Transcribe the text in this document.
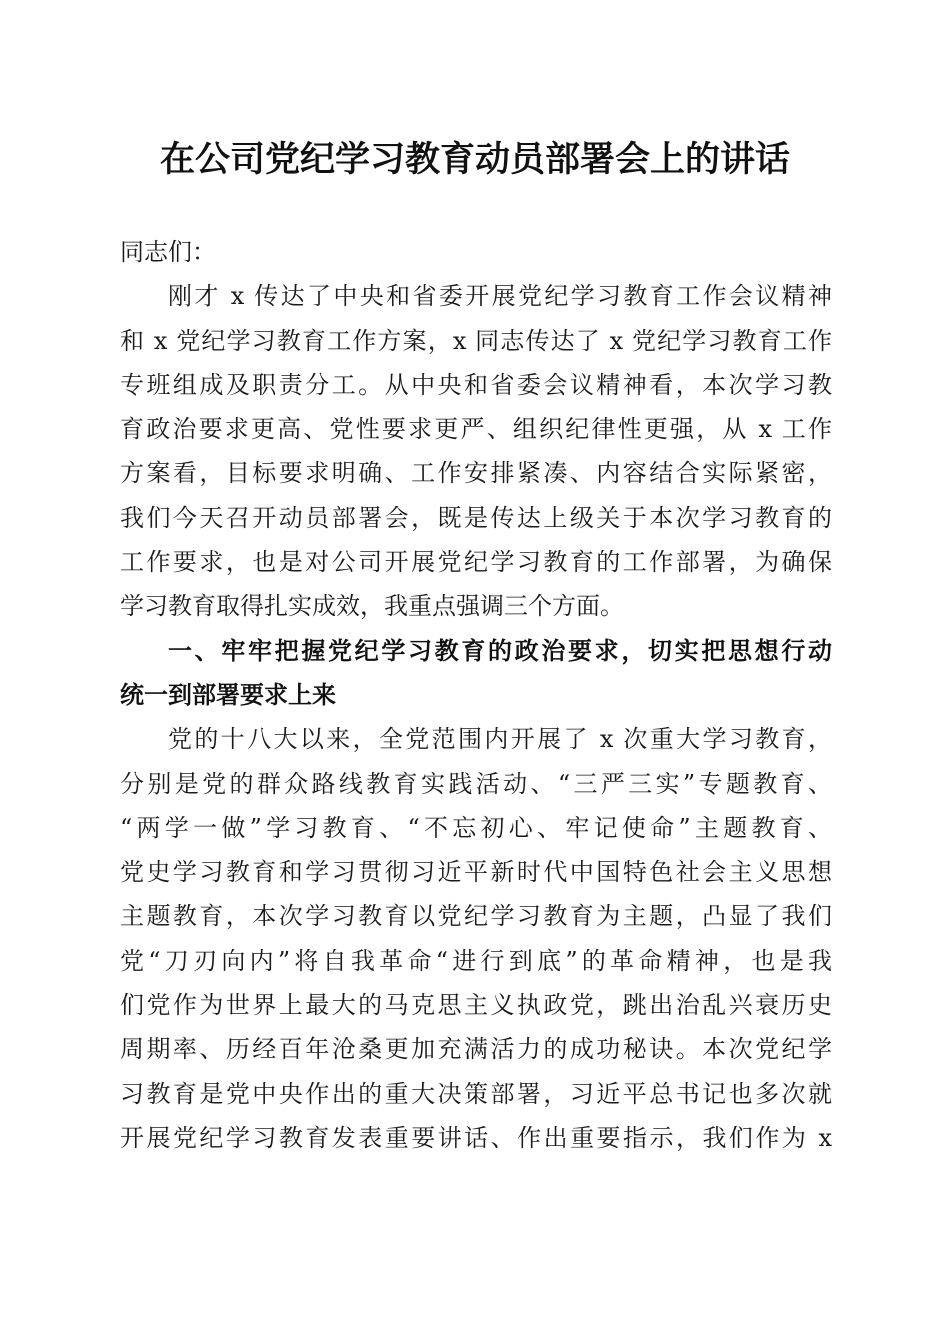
在公司党纪学习教育动员部署会上的讲话
同志们：
刚才 x 传达了中央和省委开展党纪学习教育工作会议精神
和 x 党纪学习教育工作方案，x 同志传达了 x 党纪学习教育工作
专班组成及职责分工。从中央和省委会议精神看，本次学习教
育政治要求更高、党性要求更严、组织纪律性更强，从 x 工作
方案看，目标要求明确、工作安排紧凑、内容结合实际紧密，
我们今天召开动员部署会，既是传达上级关于本次学习教育的
工作要求，也是对公司开展党纪学习教育的工作部署，为确保
学习教育取得扎实成效，我重点强调三个方面。
一、牢牢把握党纪学习教育的政治要求，切实把思想行动
统一到部署要求上来
党的十八大以来，全党范围内开展了 x 次重大学习教育，
分别是党的群众路线教育实践活动、“三严三实”专题教育、
“两学一做”学习教育、“不忘初心、牢记使命”主题教育、
党史学习教育和学习贯彻习近平新时代中国特色社会主义思想
主题教育，本次学习教育以党纪学习教育为主题，凸显了我们
党“刀刃向内”将自我革命“进行到底”的革命精神，也是我
们党作为世界上最大的马克思主义执政党，跳出治乱兴衰历史
周期率、历经百年沧桑更加充满活力的成功秘诀。本次党纪学
习教育是党中央作出的重大决策部署，习近平总书记也多次就
开展党纪学习教育发表重要讲话、作出重要指示，我们作为 x
